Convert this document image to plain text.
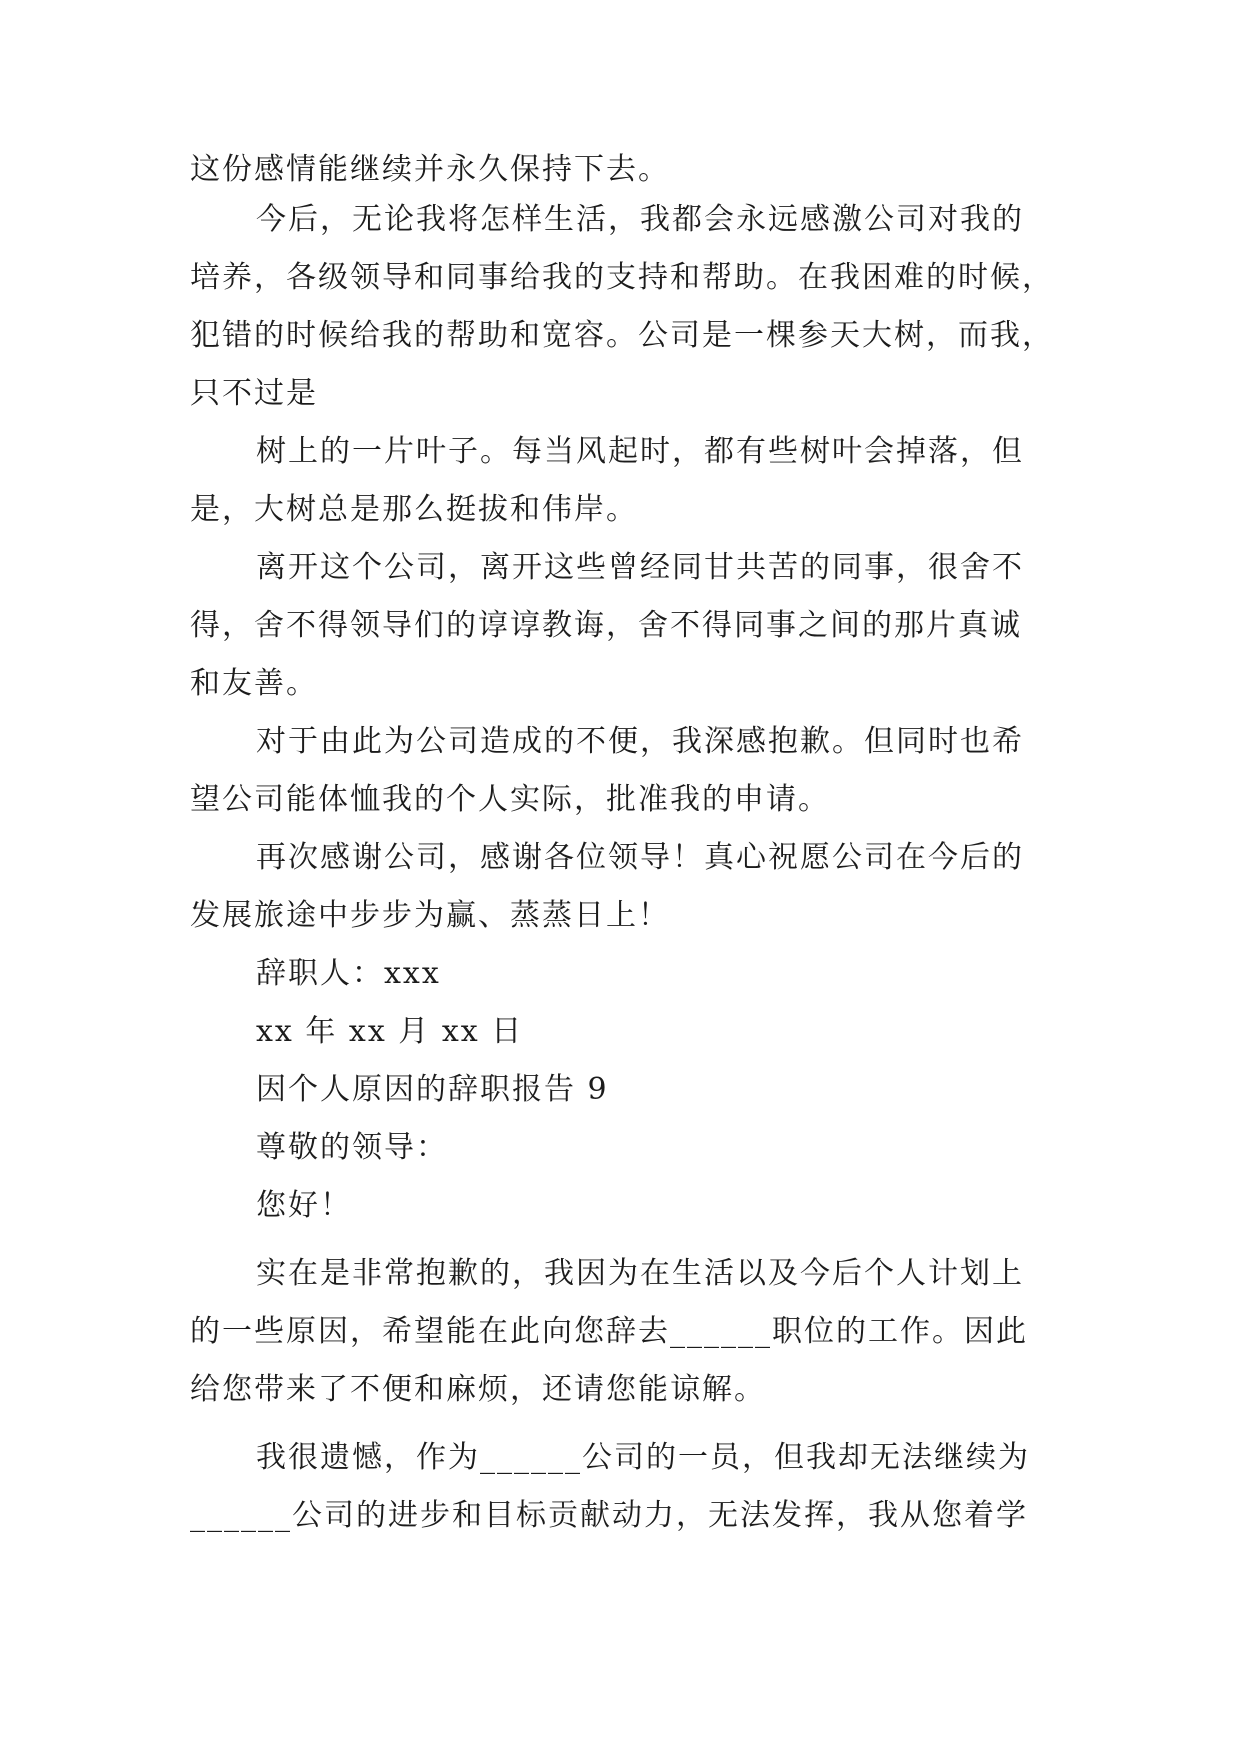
这份感情能继续并永久保持下去。
今后，无论我将怎样生活，我都会永远感激公司对我的
培养，各级领导和同事给我的支持和帮助。在我困难的时候，
犯错的时候给我的帮助和宽容。公司是一棵参天大树，而我，
只不过是
树上的一片叶子。每当风起时，都有些树叶会掉落，但
是，大树总是那么挺拔和伟岸。
离开这个公司，离开这些曾经同甘共苦的同事，很舍不
得，舍不得领导们的谆谆教诲，舍不得同事之间的那片真诚
和友善。
对于由此为公司造成的不便，我深感抱歉。但同时也希
望公司能体恤我的个人实际，批准我的申请。
再次感谢公司，感谢各位领导！真心祝愿公司在今后的
发展旅途中步步为赢、蒸蒸日上！
辞职人：xxx
xx 年 xx 月 xx 日
因个人原因的辞职报告 9
尊敬的领导：
您好！
实在是非常抱歉的，我因为在生活以及今后个人计划上
的一些原因，希望能在此向您辞去______职位的工作。因此
给您带来了不便和麻烦，还请您能谅解。
我很遗憾，作为______公司的一员，但我却无法继续为
______公司的进步和目标贡献动力，无法发挥，我从您着学
